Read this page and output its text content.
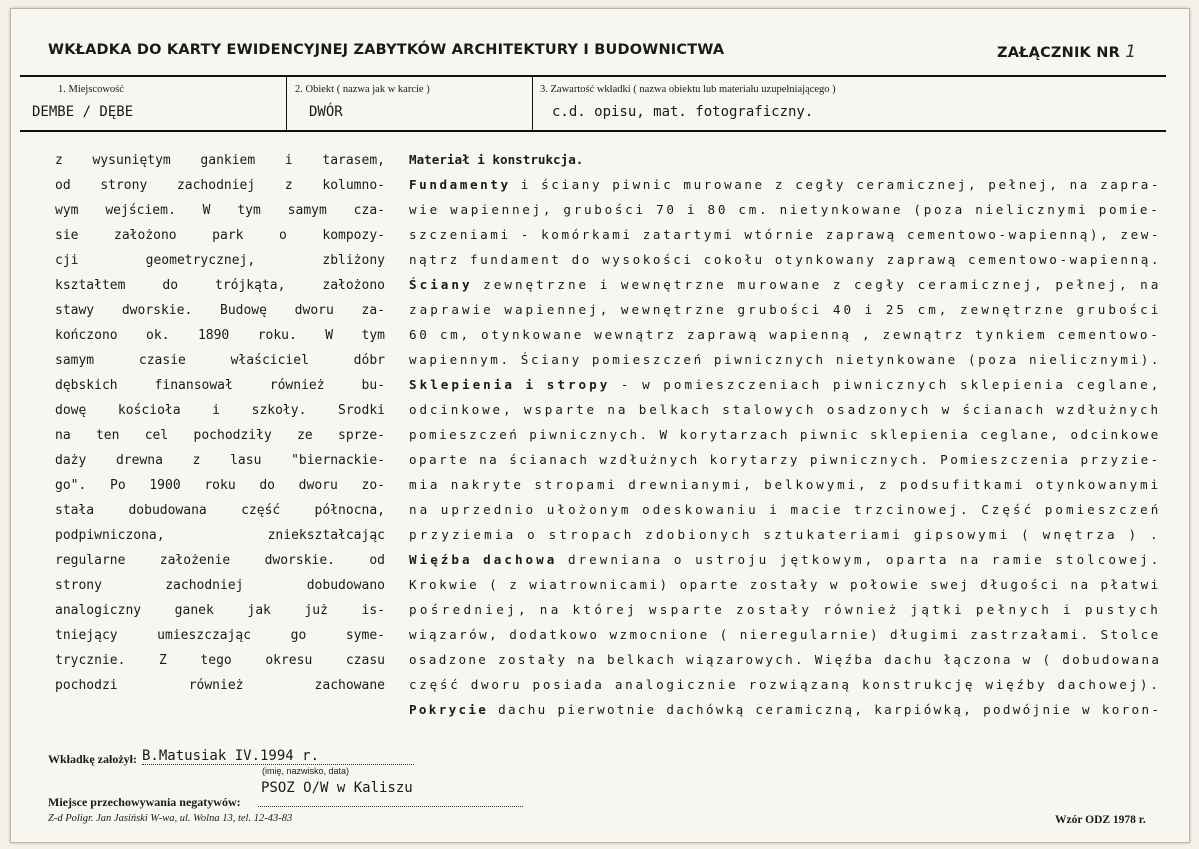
WKŁADKA DO KARTY EWIDENCYJNEJ ZABYTKÓW ARCHITEKTURY I BUDOWNICTWA	ZAŁĄCZNIK NR 1
1. Miejscowość
DEMBE / DĘBE
2. Obiekt ( nazwa jak w karcie )
DWÓR
3. Zawartość wkładki ( nazwa obiektu lub materiału uzupełniającego )
c.d. opisu, mat. fotograficzny.
z wysuniętym gankiem i tarasem,
od strony zachodniej z kolumno-
wym wejściem. W tym samym cza-
sie założono park o kompozy-
cji geometrycznej, zbliżony
kształtem do trójkąta, założono
stawy dworskie. Budowę dworu za-
kończono ok. 1890 roku. W tym
samym czasie właściciel dóbr
dębskich finansował również bu-
dowę kościoła i szkoły. Środki
na ten cel pochodziły ze sprze-
daży drewna z lasu "biernackie-
go". Po 1900 roku do dworu zo-
stała dobudowana część północna,
podpiwniczona, zniekształcając
regularne założenie dworskie. od
strony zachodniej dobudowano
analogiczny ganek jak już is-
tniejący umieszczając go syme-
trycznie. Z tego okresu czasu
pochodzi również zachowane
Materiał i konstrukcja.
Fundamenty i ściany piwnic murowane z cegły ceramicznej, pełnej, na zapra-
wie wapiennej, grubości 70 i 80 cm. nietynkowane (poza nielicznymi pomie-
szczeniami - komórkami zatartymi wtórnie zaprawą cementowo-wapienną), zew-
nątrz fundament do wysokości cokołu otynkowany zaprawą cementowo-wapienną.
Ściany zewnętrzne i wewnętrzne murowane z cegły ceramicznej, pełnej, na
zaprawie wapiennej, wewnętrzne grubości 40 i 25 cm, zewnętrzne grubości
60 cm, otynkowane wewnątrz zaprawą wapienną , zewnątrz tynkiem cementowo-
wapiennym. Ściany pomieszczeń piwnicznych nietynkowane (poza nielicznymi).
Sklepienia i stropy - w pomieszczeniach piwnicznych sklepienia ceglane,
odcinkowe, wsparte na belkach stalowych osadzonych w ścianach wzdłużnych
pomieszczeń piwnicznych. W korytarzach piwnic sklepienia ceglane, odcinkowe
oparte na ścianach wzdłużnych korytarzy piwnicznych. Pomieszczenia przyzie-
mia nakryte stropami drewnianymi, belkowymi, z podsufitkami otynkowanymi
na uprzednio ułożonym odeskowaniu i macie trzcinowej. Część pomieszczeń
przyziemia o stropach zdobionych sztukateriami gipsowymi ( wnętrza ) .
Więźba dachowa drewniana o ustroju jętkowym, oparta na ramie stolcowej.
Krokwie ( z wiatrownicami) oparte zostały w połowie swej długości na płatwi
pośredniej, na której wsparte zostały również jątki pełnych i pustych
wiązarów, dodatkowo wzmocnione ( nieregularnie) długimi zastrzałami. Stolce
osadzone zostały na belkach wiązarowych. Więźba dachu łączona w ( dobudowana
część dworu posiada analogicznie rozwiązaną konstrukcję więźby dachowej).
Pokrycie dachu pierwotnie dachówką ceramiczną, karpiówką, podwójnie w koron-
Wkładkę założył: B.Matusiak IV.1994 r.
(imię, nazwisko, data)
PSOZ O/W w Kaliszu
Miejsce przechowywania negatywów:
Z-d Poligr. Jan Jasiński W-wa, ul. Wolna 13, tel. 12-43-83	Wzór ODZ 1978 r.
